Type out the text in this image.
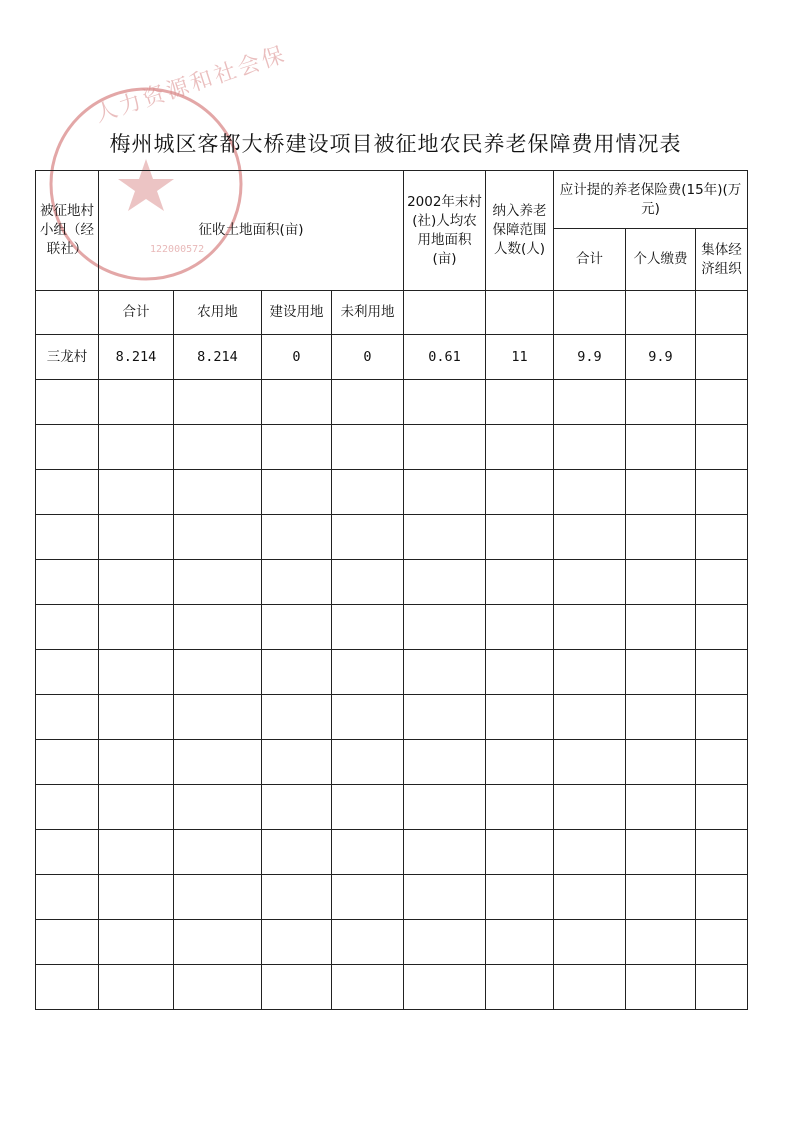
人力资源和社会保
122000572
梅州城区客都大桥建设项目被征地农民养老保障费用情况表
被征地村小组（经联社）	征收土地面积(亩)				2002年末村(社)人均农用地面积(亩)	纳入养老保障范围人数(人)	应计提的养老保险费(15年)(万元)		
							合计	个人缴费	集体经济组织
	合计	农用地	建设用地	未利用地					
三龙村	8.214	8.214	0	0	0.61	11	9.9	9.9	
